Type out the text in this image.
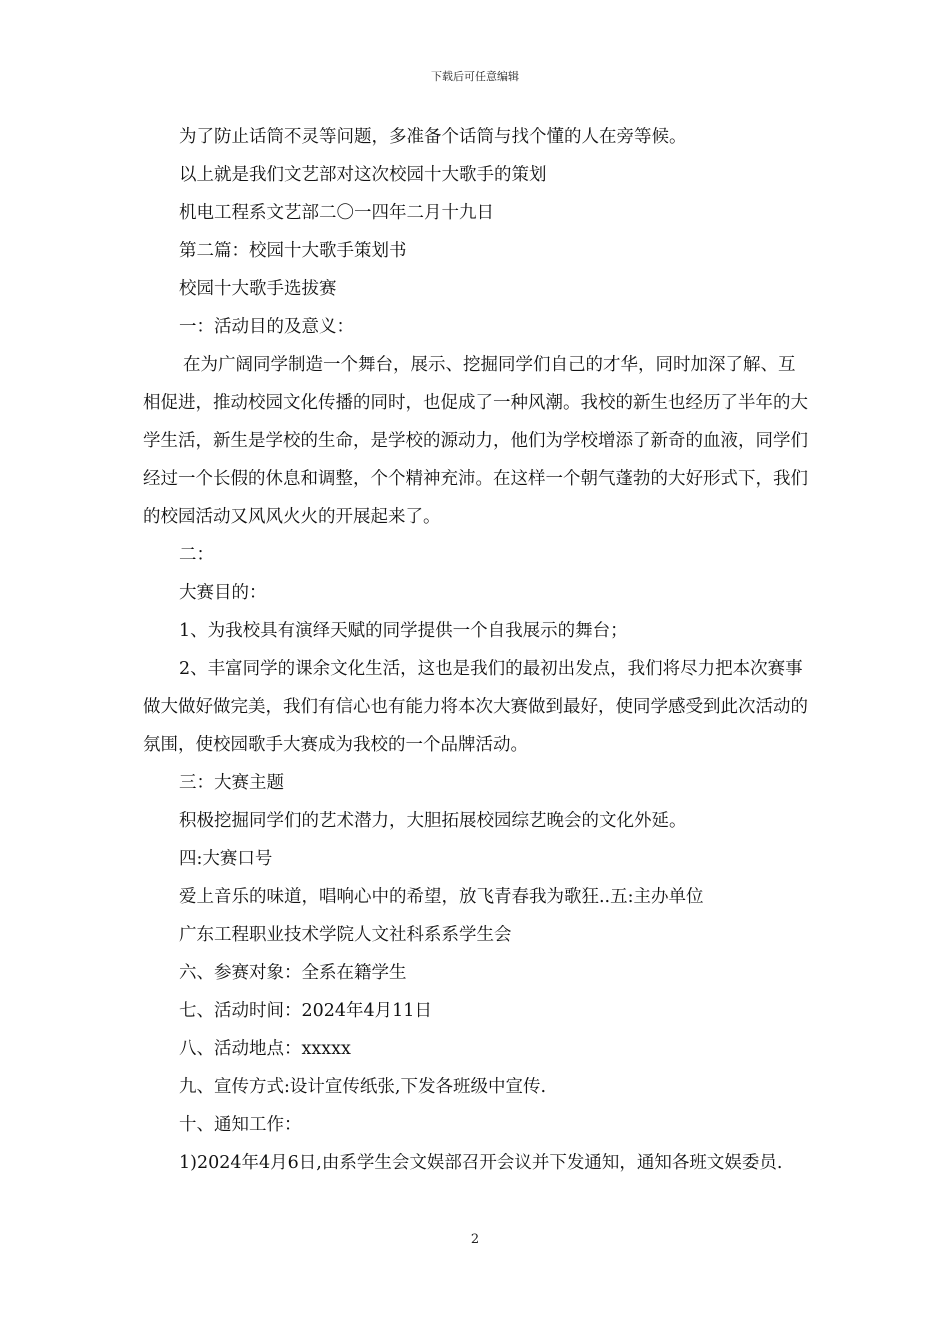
下载后可任意编辑

为了防止话筒不灵等问题，多准备个话筒与找个懂的人在旁等候。

以上就是我们文艺部对这次校园十大歌手的策划

机电工程系文艺部二〇一四年二月十九日

第二篇：校园十大歌手策划书

校园十大歌手选拔赛

一：活动目的及意义：

在为广阔同学制造一个舞台，展示、挖掘同学们自己的才华，同时加深了解、互相促进，推动校园文化传播的同时，也促成了一种风潮。我校的新生也经历了半年的大学生活，新生是学校的生命，是学校的源动力，他们为学校增添了新奇的血液，同学们经过一个长假的休息和调整，个个精神充沛。在这样一个朝气蓬勃的大好形式下，我们的校园活动又风风火火的开展起来了。

二：

大赛目的：

1、为我校具有演绎天赋的同学提供一个自我展示的舞台；

2、丰富同学的课余文化生活，这也是我们的最初出发点，我们将尽力把本次赛事做大做好做完美，我们有信心也有能力将本次大赛做到最好，使同学感受到此次活动的氛围，使校园歌手大赛成为我校的一个品牌活动。

三：大赛主题

积极挖掘同学们的艺术潜力，大胆拓展校园综艺晚会的文化外延。

四:大赛口号

爱上音乐的味道，唱响心中的希望，放飞青春我为歌狂..五:主办单位

广东工程职业技术学院人文社科系系学生会

六、参赛对象：全系在籍学生

七、活动时间：2024年4月11日

八、活动地点：xxxxx

九、宣传方式:设计宣传纸张,下发各班级中宣传.

十、通知工作：

1)2024年4月6日,由系学生会文娱部召开会议并下发通知，通知各班文娱委员.

2
